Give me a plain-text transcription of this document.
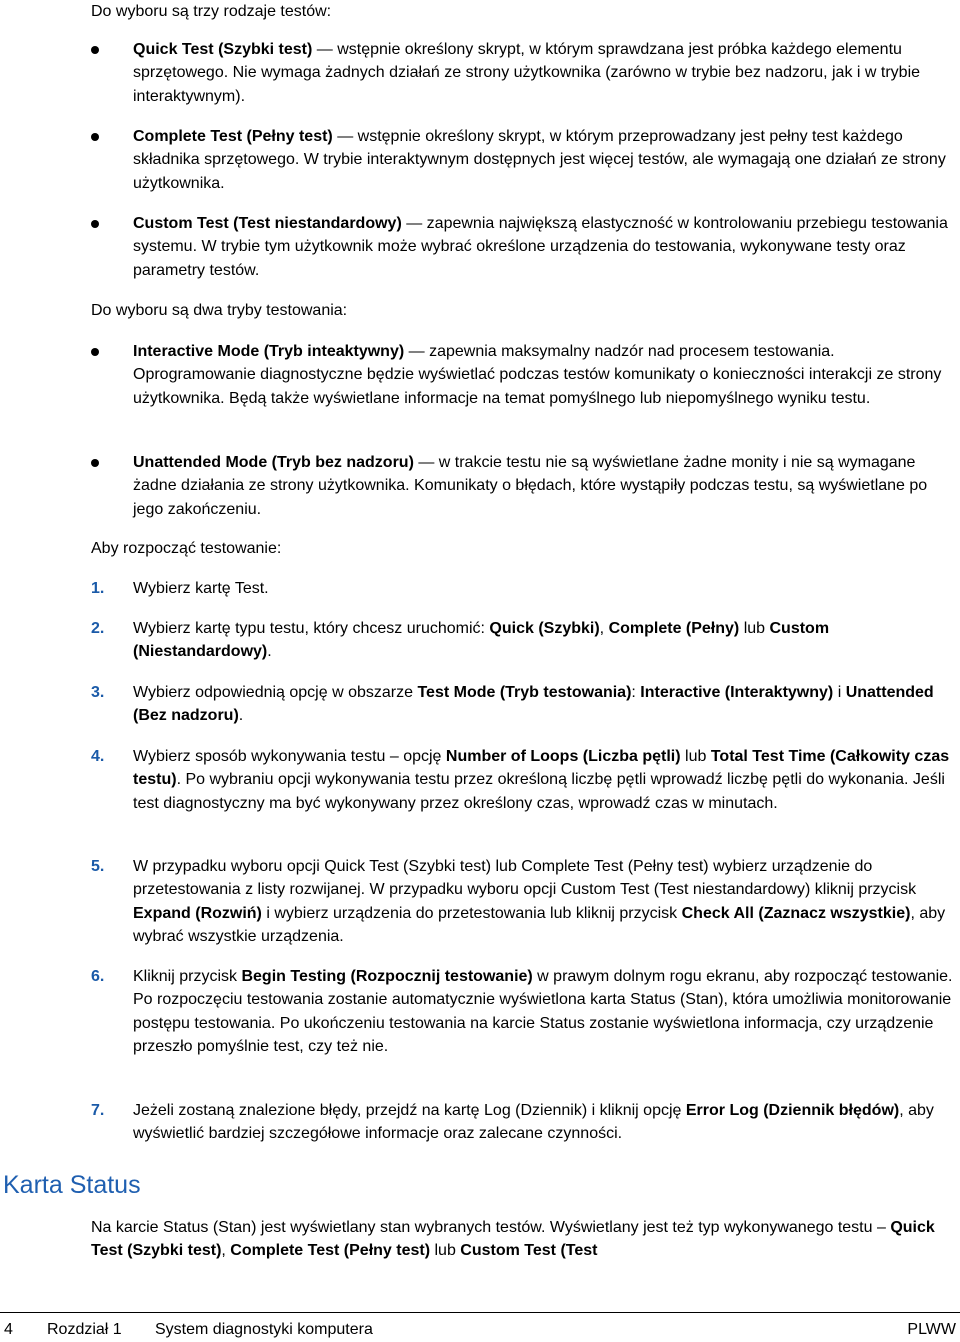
Do wyboru są trzy rodzaje testów:

Quick Test (Szybki test) — wstępnie określony skrypt, w którym sprawdzana jest próbka każdego elementu sprzętowego. Nie wymaga żadnych działań ze strony użytkownika (zarówno w trybie bez nadzoru, jak i w trybie interaktywnym).

Complete Test (Pełny test) — wstępnie określony skrypt, w którym przeprowadzany jest pełny test każdego składnika sprzętowego. W trybie interaktywnym dostępnych jest więcej testów, ale wymagają one działań ze strony użytkownika.

Custom Test (Test niestandardowy) — zapewnia największą elastyczność w kontrolowaniu przebiegu testowania systemu. W trybie tym użytkownik może wybrać określone urządzenia do testowania, wykonywane testy oraz parametry testów.

Do wyboru są dwa tryby testowania:

Interactive Mode (Tryb inteaktywny) — zapewnia maksymalny nadzór nad procesem testowania. Oprogramowanie diagnostyczne będzie wyświetlać podczas testów komunikaty o konieczności interakcji ze strony użytkownika. Będą także wyświetlane informacje na temat pomyślnego lub niepomyślnego wyniku testu.

Unattended Mode (Tryb bez nadzoru) — w trakcie testu nie są wyświetlane żadne monity i nie są wymagane żadne działania ze strony użytkownika. Komunikaty o błędach, które wystąpiły podczas testu, są wyświetlane po jego zakończeniu.

Aby rozpocząć testowanie:

1. Wybierz kartę Test.

2. Wybierz kartę typu testu, który chcesz uruchomić: Quick (Szybki), Complete (Pełny) lub Custom (Niestandardowy).

3. Wybierz odpowiednią opcję w obszarze Test Mode (Tryb testowania): Interactive (Interaktywny) i Unattended (Bez nadzoru).

4. Wybierz sposób wykonywania testu – opcję Number of Loops (Liczba pętli) lub Total Test Time (Całkowity czas testu). Po wybraniu opcji wykonywania testu przez określoną liczbę pętli wprowadź liczbę pętli do wykonania. Jeśli test diagnostyczny ma być wykonywany przez określony czas, wprowadź czas w minutach.

5. W przypadku wyboru opcji Quick Test (Szybki test) lub Complete Test (Pełny test) wybierz urządzenie do przetestowania z listy rozwijanej. W przypadku wyboru opcji Custom Test (Test niestandardowy) kliknij przycisk Expand (Rozwiń) i wybierz urządzenia do przetestowania lub kliknij przycisk Check All (Zaznacz wszystkie), aby wybrać wszystkie urządzenia.

6. Kliknij przycisk Begin Testing (Rozpocznij testowanie) w prawym dolnym rogu ekranu, aby rozpocząć testowanie. Po rozpoczęciu testowania zostanie automatycznie wyświetlona karta Status (Stan), która umożliwia monitorowanie postępu testowania. Po ukończeniu testowania na karcie Status zostanie wyświetlona informacja, czy urządzenie przeszło pomyślnie test, czy też nie.

7. Jeżeli zostaną znalezione błędy, przejdź na kartę Log (Dziennik) i kliknij opcję Error Log (Dziennik błędów), aby wyświetlić bardziej szczegółowe informacje oraz zalecane czynności.

Karta Status

Na karcie Status (Stan) jest wyświetlany stan wybranych testów. Wyświetlany jest też typ wykonywanego testu – Quick Test (Szybki test), Complete Test (Pełny test) lub Custom Test (Test

4 Rozdział 1 System diagnostyki komputera	PLWW
